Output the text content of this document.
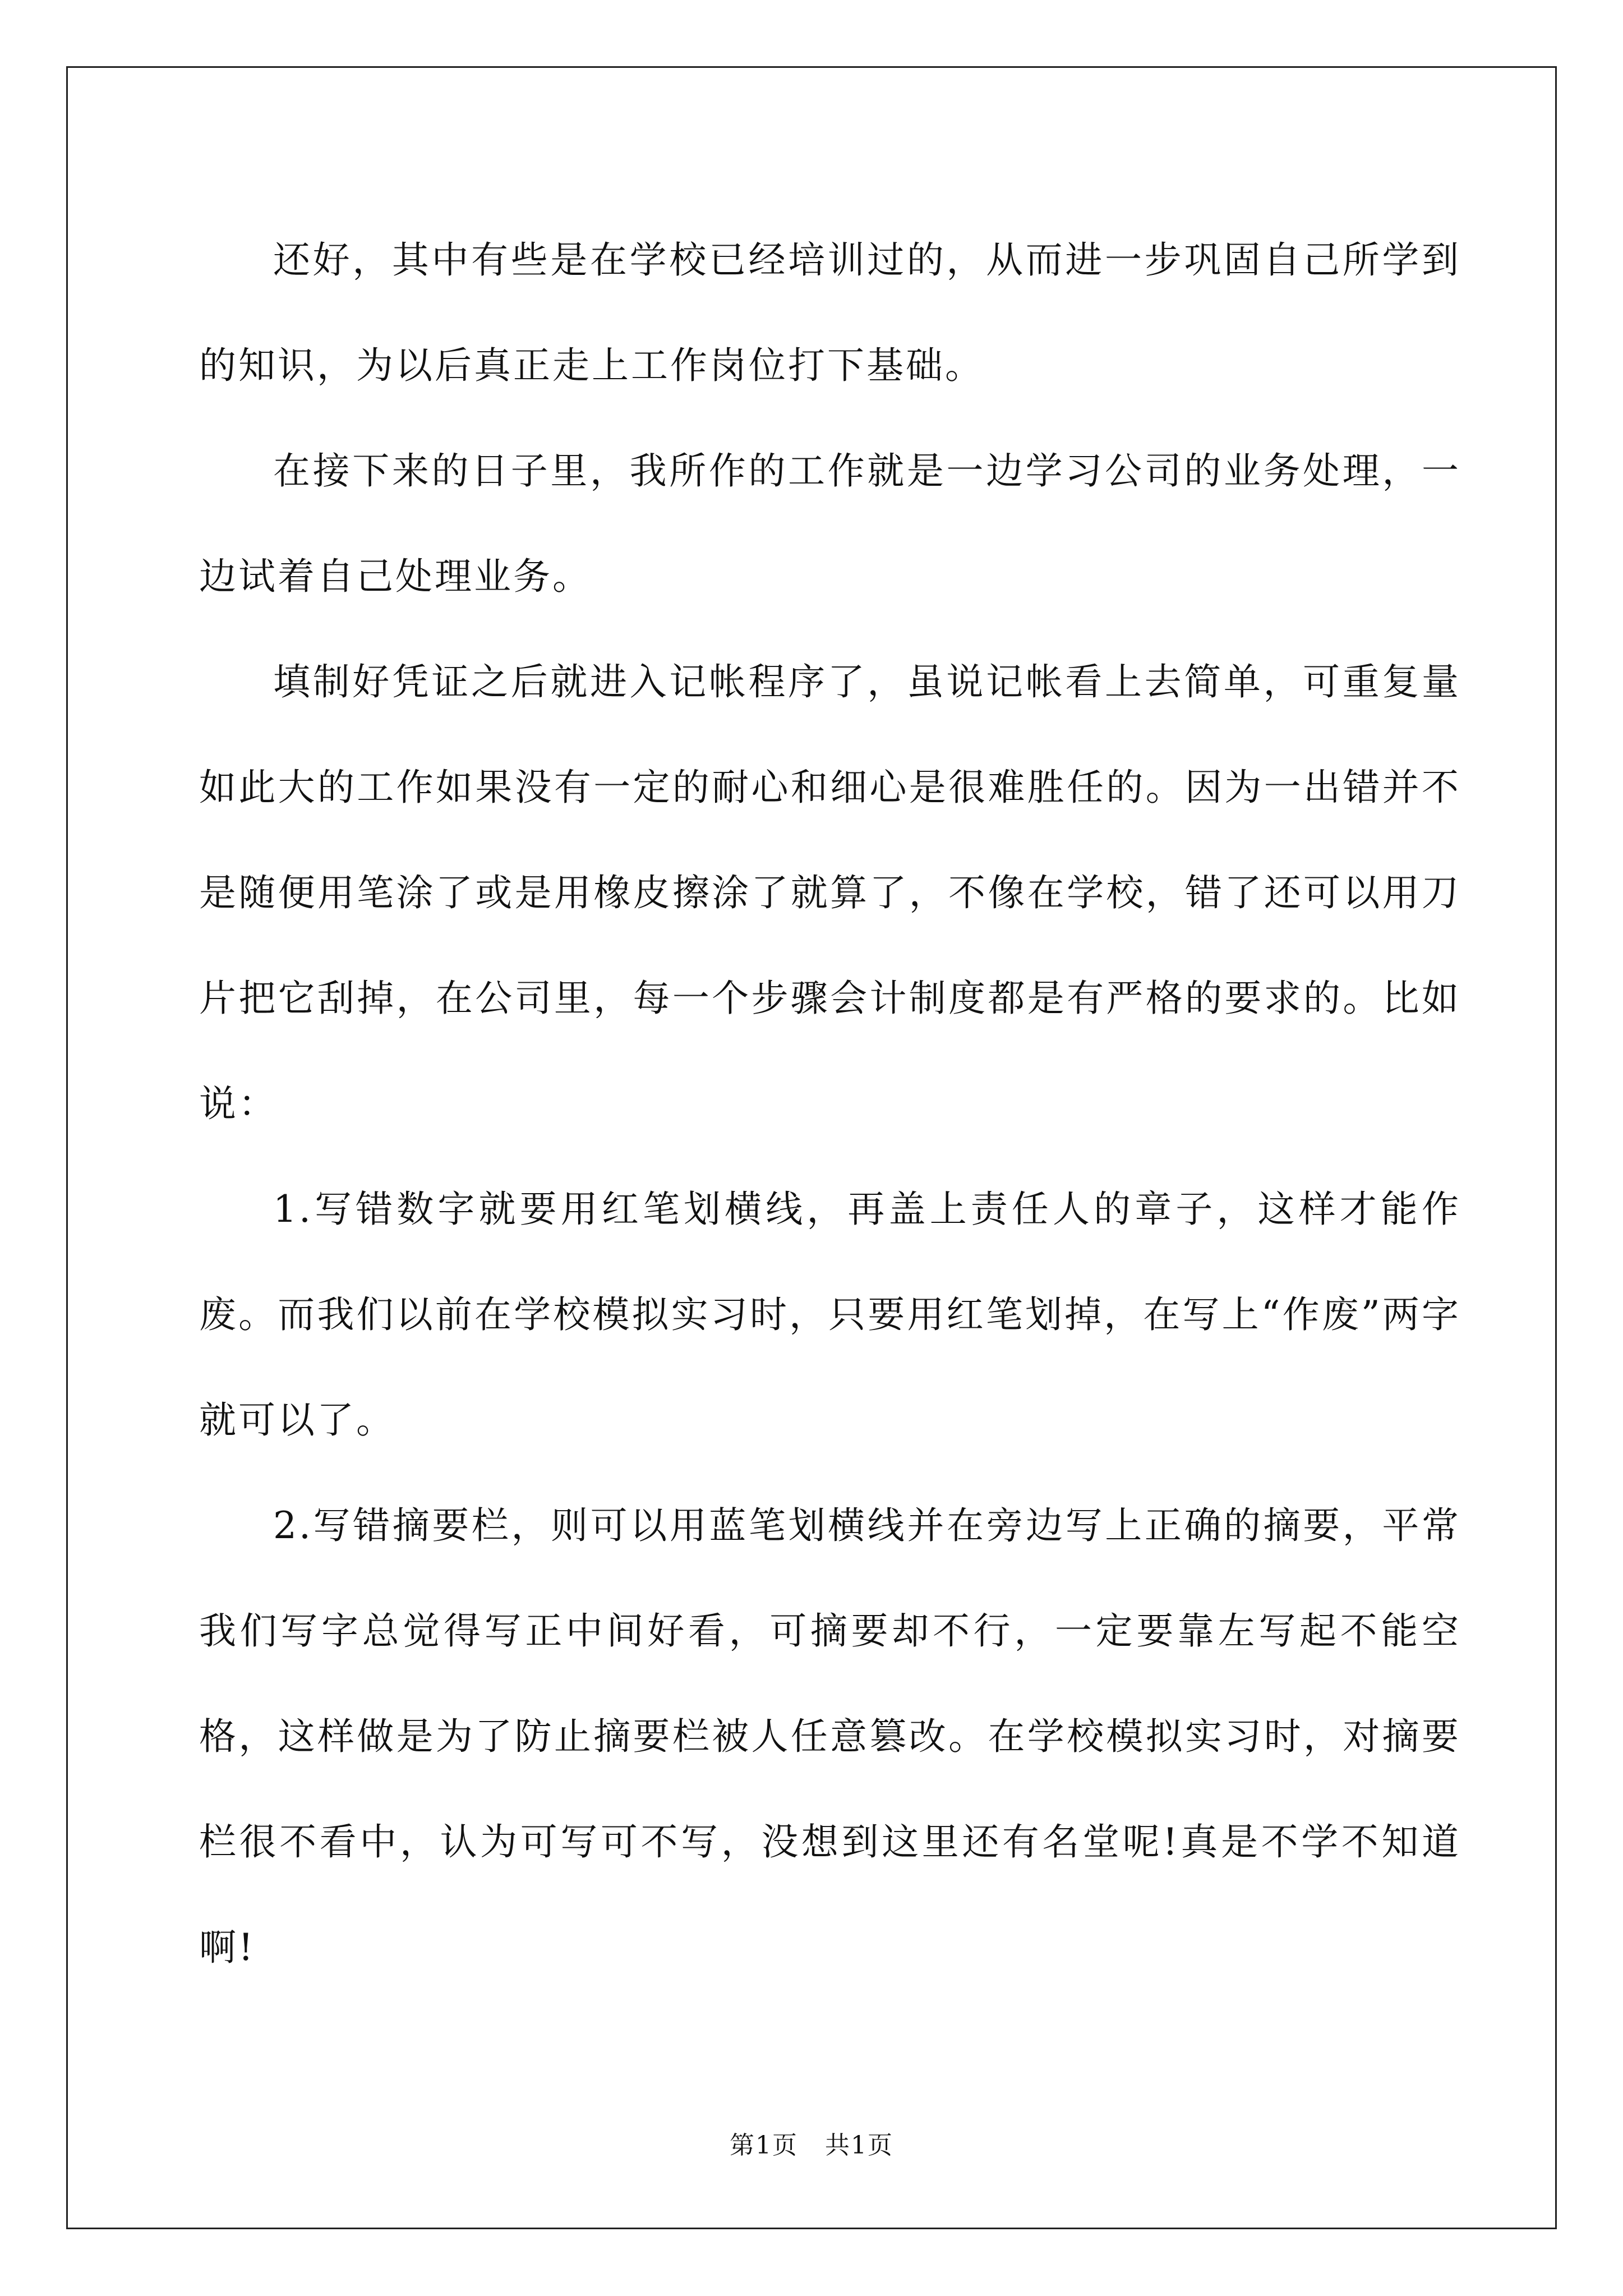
还好，其中有些是在学校已经培训过的，从而进一步巩固自己所学到的知识，为以后真正走上工作岗位打下基础。

在接下来的日子里，我所作的工作就是一边学习公司的业务处理，一边试着自己处理业务。

填制好凭证之后就进入记帐程序了，虽说记帐看上去简单，可重复量如此大的工作如果没有一定的耐心和细心是很难胜任的。因为一出错并不是随便用笔涂了或是用橡皮擦涂了就算了，不像在学校，错了还可以用刀片把它刮掉，在公司里，每一个步骤会计制度都是有严格的要求的。比如说：

1.写错数字就要用红笔划横线，再盖上责任人的章子，这样才能作废。而我们以前在学校模拟实习时，只要用红笔划掉，在写上“作废”两字就可以了。

2.写错摘要栏，则可以用蓝笔划横线并在旁边写上正确的摘要，平常我们写字总觉得写正中间好看，可摘要却不行，一定要靠左写起不能空格，这样做是为了防止摘要栏被人任意篡改。在学校模拟实习时，对摘要栏很不看中，认为可写可不写，没想到这里还有名堂呢!真是不学不知道啊!

第1页 共1页
